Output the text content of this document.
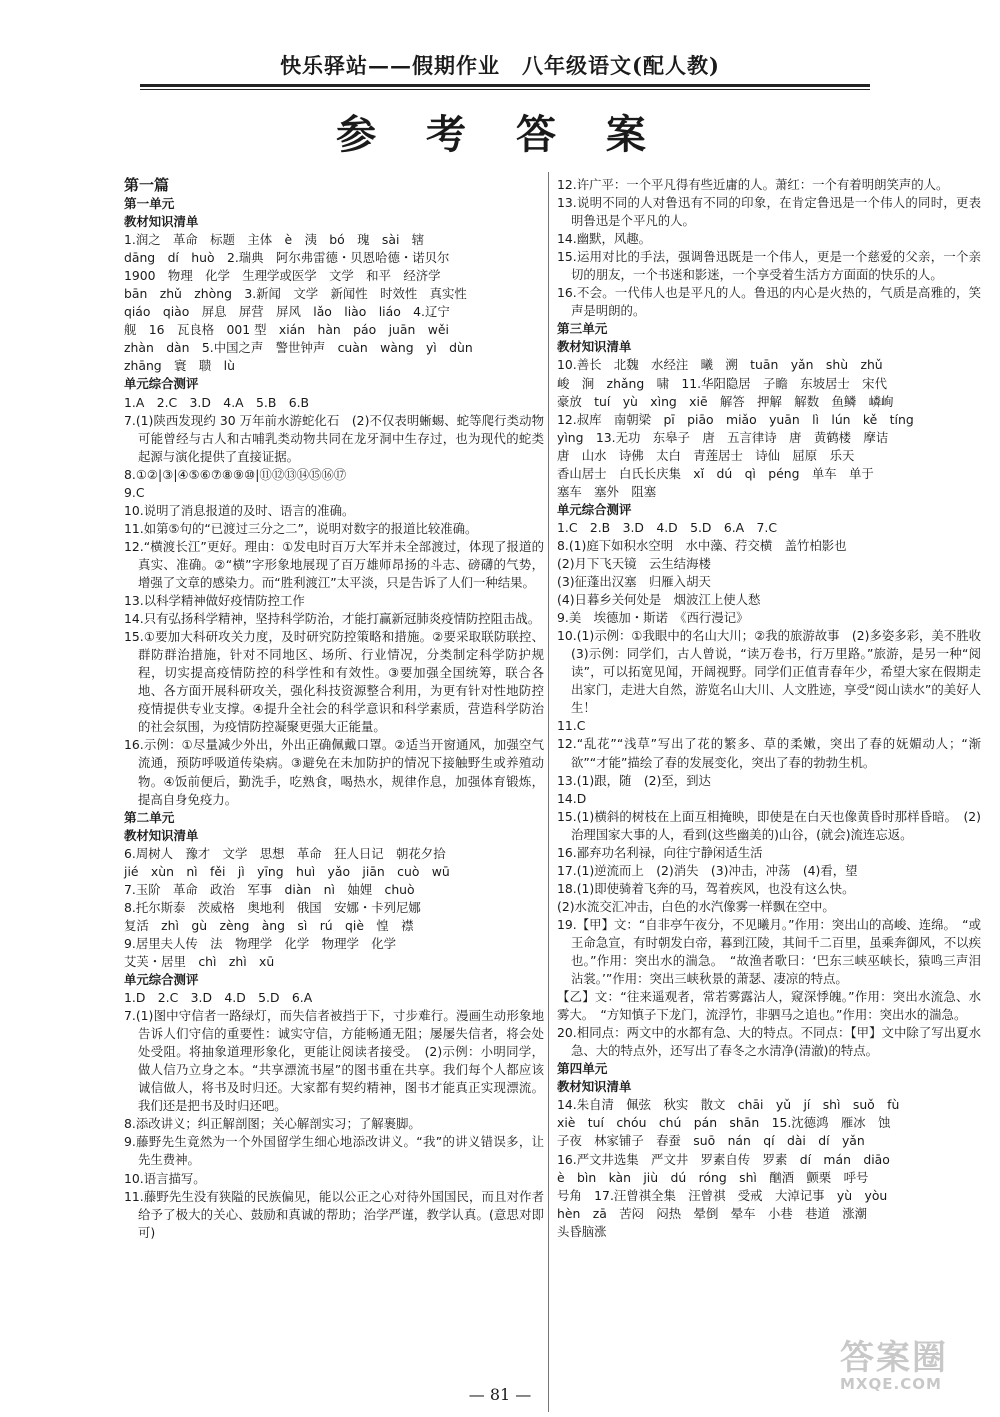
快乐驿站——假期作业　八年级语文(配人教)
参 考 答 案
第一篇

第一单元

教材知识清单

1.润之　革命　标题　主体　è　洟　bó　瑰　sài　辖

dāng　dí　huò　2.瑞典　阿尔弗雷德・贝恩哈德・诺贝尔

1900　物理　化学　生理学或医学　文学　和平　经济学

bān　zhǔ　zhòng　3.新闻　文学　新闻性　时效性　真实性

qiáo　qiào　屏息　屏营　屏风　lǎo　liào　liáo　4.辽宁

舰　16　瓦良格　001 型　xián　hàn　páo　juān　wěi

zhàn　dàn　5.中国之声　警世钟声　cuàn　wàng　yì　dùn

zhāng　寰　聩　lù

单元综合测评

1.A　2.C　3.D　4.A　5.B　6.B

7.(1)陕西发现约 30 万年前水游蛇化石　(2)不仅表明蜥蜴、蛇等爬行类动物可能曾经与古人和古哺乳类动物共同在龙牙洞中生存过，也为现代的蛇类起源与演化提供了直接证据。

8.①②|③|④⑤⑥⑦⑧⑨⑩|⑪⑫⑬⑭⑮⑯⑰

9.C

10.说明了消息报道的及时、语言的准确。

11.如第⑤句的“已渡过三分之二”，说明对数字的报道比较准确。

12.“横渡长江”更好。理由：①发电时百万大军并未全部渡过，体现了报道的真实、准确。②“横”字形象地展现了百万雄师昂扬的斗志、磅礴的气势，增强了文章的感染力。而“胜利渡江”太平淡，只是告诉了人们一种结果。

13.以科学精神做好疫情防控工作

14.只有弘扬科学精神，坚持科学防治，才能打赢新冠肺炎疫情防控阻击战。

15.①要加大科研攻关力度，及时研究防控策略和措施。②要采取联防联控、群防群治措施，针对不同地区、场所、行业情况，分类制定科学防护规程，切实提高疫情防控的科学性和有效性。③要加强全国统筹，联合各地、各方面开展科研攻关，强化科技资源整合利用，为更有针对性地防控疫情提供专业支撑。④提升全社会的科学意识和科学素质，营造科学防治的社会氛围，为疫情防控凝聚更强大正能量。

16.示例：①尽量减少外出，外出正确佩戴口罩。②适当开窗通风，加强空气流通，预防呼吸道传染病。③避免在未加防护的情况下接触野生或养殖动物。④饭前便后，勤洗手，吃熟食，喝热水，规律作息，加强体育锻炼，提高自身免疫力。

第二单元

教材知识清单

6.周树人　豫才　文学　思想　革命　狂人日记　朝花夕拾

jié　xùn　nì　fěi　jì　yīng　huì　yǎo　jiān　cuò　wū

7.玉阶　革命　政治　军事　diàn　nì　妯娌　chuò

8.托尔斯泰　茨威格　奥地利　俄国　安娜・卡列尼娜

复活　zhì　gù　zèng　àng　sì　rú　qiè　惶　襟

9.居里夫人传　法　物理学　化学　物理学　化学

艾芙・居里　chì　zhì　xū

单元综合测评

1.D　2.C　3.D　4.D　5.D　6.A

7.(1)图中守信者一路绿灯，而失信者被挡于下，寸步难行。漫画生动形象地告诉人们守信的重要性：诚实守信，方能畅通无阻；屡屡失信者，将会处处受阻。将抽象道理形象化，更能让阅读者接受。　(2)示例：小明同学，做人信乃立身之本。“共享漂流书屋”的图书重在共享。我们每个人都应该诚信做人，将书及时归还。大家都有契约精神，图书才能真正实现漂流。我们还是把书及时归还吧。

8.添改讲义；纠正解剖图；关心解剖实习；了解裹脚。

9.藤野先生竟然为一个外国留学生细心地添改讲义。“我”的讲义错误多，让先生费神。

10.语言描写。

11.藤野先生没有狭隘的民族偏见，能以公正之心对待外国国民，而且对作者给予了极大的关心、鼓励和真诚的帮助；治学严谨，教学认真。(意思对即可)

12.许广平：一个平凡得有些近庸的人。萧红：一个有着明朗笑声的人。

13.说明不同的人对鲁迅有不同的印象，在肯定鲁迅是一个伟人的同时，更表明鲁迅是个平凡的人。

14.幽默，风趣。

15.运用对比的手法，强调鲁迅既是一个伟人，更是一个慈爱的父亲，一个亲切的朋友，一个书迷和影迷，一个享受着生活方方面面的快乐的人。

16.不会。一代伟人也是平凡的人。鲁迅的内心是火热的，气质是高雅的，笑声是明朗的。

第三单元

教材知识清单

10.善长　北魏　水经注　曦　溯　tuān　yǎn　shù　zhǔ

峻　涧　zhǎng　啸　11.华阳隐居　子瞻　东坡居士　宋代

豪放　tuí　yù　xìng　xiē　解答　押解　解数　鱼鳞　嶙峋

12.叔库　南朝梁　pī　piāo　miǎo　yuān　lì　lún　kě　tíng

yìng　13.无功　东皋子　唐　五言律诗　唐　黄鹤楼　摩诘

唐　山水　诗佛　太白　青莲居士　诗仙　屈原　乐天

香山居士　白氏长庆集　xǐ　dú　qì　péng　单车　单于

塞车　塞外　阻塞

单元综合测评

1.C　2.B　3.D　4.D　5.D　6.A　7.C

8.(1)庭下如积水空明　水中藻、荇交横　盖竹柏影也

(2)月下飞天镜　云生结海楼

(3)征蓬出汉塞　归雁入胡天

(4)日暮乡关何处是　烟波江上使人愁

9.美　埃德加・斯诺　《西行漫记》

10.(1)示例：①我眼中的名山大川；②我的旅游故事　(2)多姿多彩，美不胜收　(3)示例：同学们，古人曾说，“读万卷书，行万里路。”旅游，是另一种“阅读”，可以拓宽见闻，开阔视野。同学们正值青春年少，希望大家在假期走出家门，走进大自然，游览名山大川、人文胜迹，享受“阅山读水”的美好人生！

11.C

12.“乱花”“浅草”写出了花的繁多、草的柔嫩，突出了春的妩媚动人；“渐欲”“才能”描绘了春的发展变化，突出了春的勃勃生机。

13.(1)跟，随　(2)至，到达

14.D

15.(1)横斜的树枝在上面互相掩映，即使是在白天也像黄昏时那样昏暗。　(2)治理国家大事的人，看到(这些幽美的)山谷，(就会)流连忘返。

16.鄙弃功名利禄，向往宁静闲适生活

17.(1)逆流而上　(2)消失　(3)冲击，冲荡　(4)看，望

18.(1)即使骑着飞奔的马，驾着疾风，也没有这么快。

(2)水流交汇冲击，白色的水汽像雾一样飘在空中。

19.【甲】文：“自非亭午夜分，不见曦月。”作用：突出山的高峻、连绵。　“或王命急宣，有时朝发白帝，暮到江陵，其间千二百里，虽乘奔御风，不以疾也。”作用：突出水的湍急。　“故渔者歌曰：‘巴东三峡巫峡长，猿鸣三声泪沾裳。’”作用：突出三峡秋景的萧瑟、凄凉的特点。

【乙】文：“往来遥观者，常若雾露沾人，窥深悸魄。”作用：突出水流急、水雾大。　“方知慎子下龙门，流浮竹，非驷马之追也。”作用：突出水的湍急。

20.相同点：两文中的水都有急、大的特点。不同点：【甲】文中除了写出夏水急、大的特点外，还写出了春冬之水清净(清澈)的特点。

第四单元

教材知识清单

14.朱自清　佩弦　秋实　散文　chāi　yǔ　jí　shì　suǒ　fù

xiè　tuí　chóu　chú　pán　shān　15.沈德鸿　雁冰　蚀

子夜　林家铺子　春蚕　suō　nán　qí　dài　dí　yǎn

16.严文井选集　严文井　罗素自传　罗素　dí　mán　diāo

è　bìn　kàn　jiù　dú　róng　shì　酗酒　颤栗　呼号

号角　17.汪曾祺全集　汪曾祺　受戒　大淖记事　yù　yòu

hèn　zā　苦闷　闷热　晕倒　晕车　小巷　巷道　涨潮

头昏脑涨

— 81 —
答案圈
MXQE.COM
